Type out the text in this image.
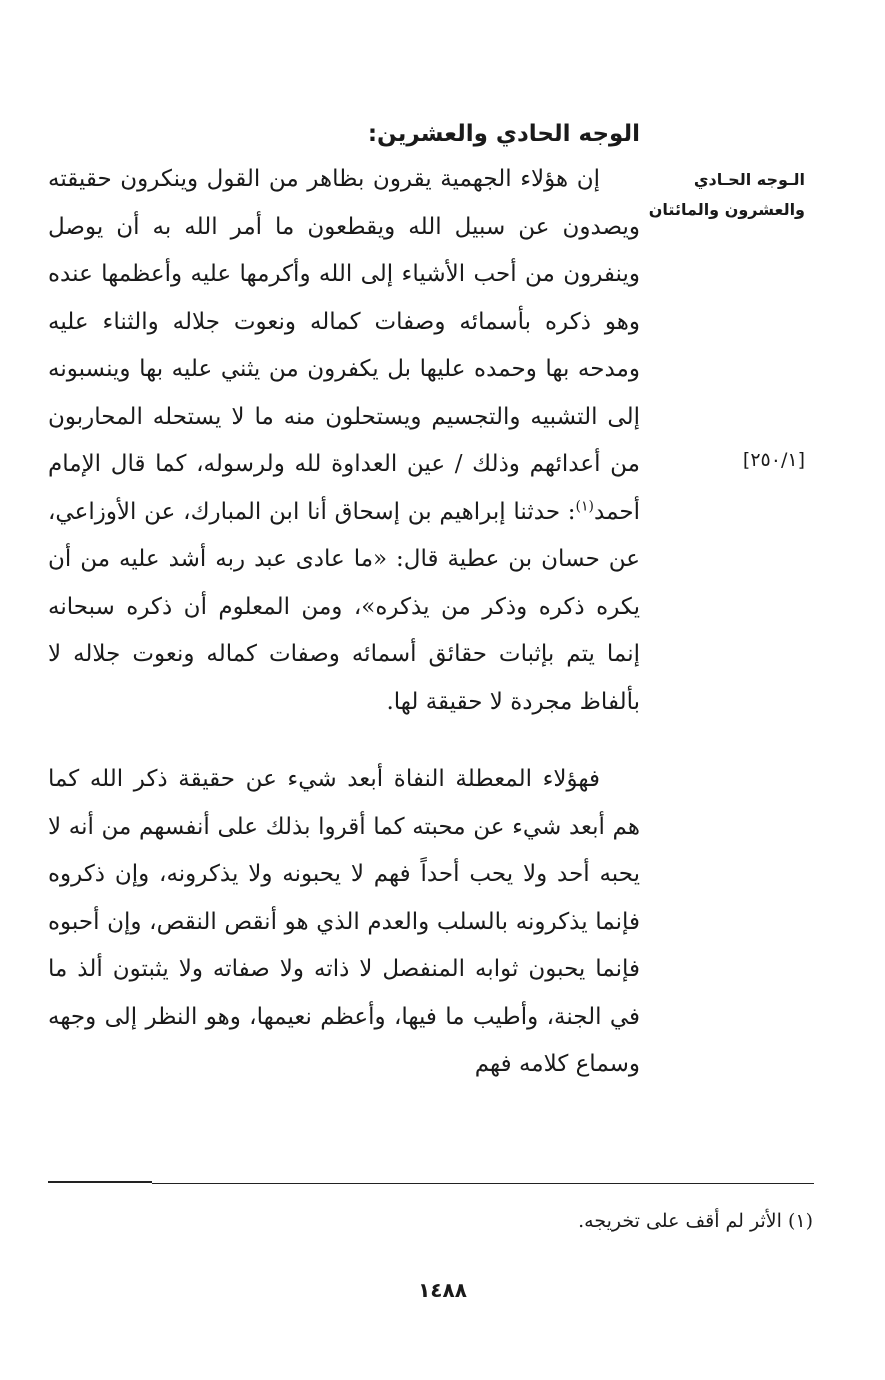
الـوجه الحـادي والعشرون والمائتان
[٢٥٠/١]
الوجه الحادي والعشرين:

إن هؤلاء الجهمية يقرون بظاهر من القول وينكرون حقيقته ويصدون عن سبيل الله ويقطعون ما أمر الله به أن يوصل وينفرون من أحب الأشياء إلى الله وأكرمها عليه وأعظمها عنده وهو ذكره بأسمائه وصفات كماله ونعوت جلاله والثناء عليه ومدحه بها وحمده عليها بل يكفرون من يثني عليه بها وينسبونه إلى التشبيه والتجسيم ويستحلون منه ما لا يستحله المحاربون من أعدائهم وذلك / عين العداوة لله ولرسوله، كما قال الإمام أحمد$^{(١)}$: حدثنا إبراهيم بن إسحاق أنا ابن المبارك، عن الأوزاعي، عن حسان بن عطية قال: «ما عادى عبد ربه أشد عليه من أن يكره ذكره وذكر من يذكره»، ومن المعلوم أن ذكره سبحانه إنما يتم بإثبات حقائق أسمائه وصفات كماله ونعوت جلاله لا بألفاظ مجردة لا حقيقة لها.

فهؤلاء المعطلة النفاة أبعد شيء عن حقيقة ذكر الله كما هم أبعد شيء عن محبته كما أقروا بذلك على أنفسهم من أنه لا يحبه أحد ولا يحب أحداً فهم لا يحبونه ولا يذكرونه، وإن ذكروه فإنما يذكرونه بالسلب والعدم الذي هو أنقص النقص، وإن أحبوه فإنما يحبون ثوابه المنفصل لا ذاته ولا صفاته ولا يثبتون ألذ ما في الجنة، وأطيب ما فيها، وأعظم نعيمها، وهو النظر إلى وجهه وسماع كلامه فهم

(١) الأثر لم أقف على تخريجه.
١٤٨٨
